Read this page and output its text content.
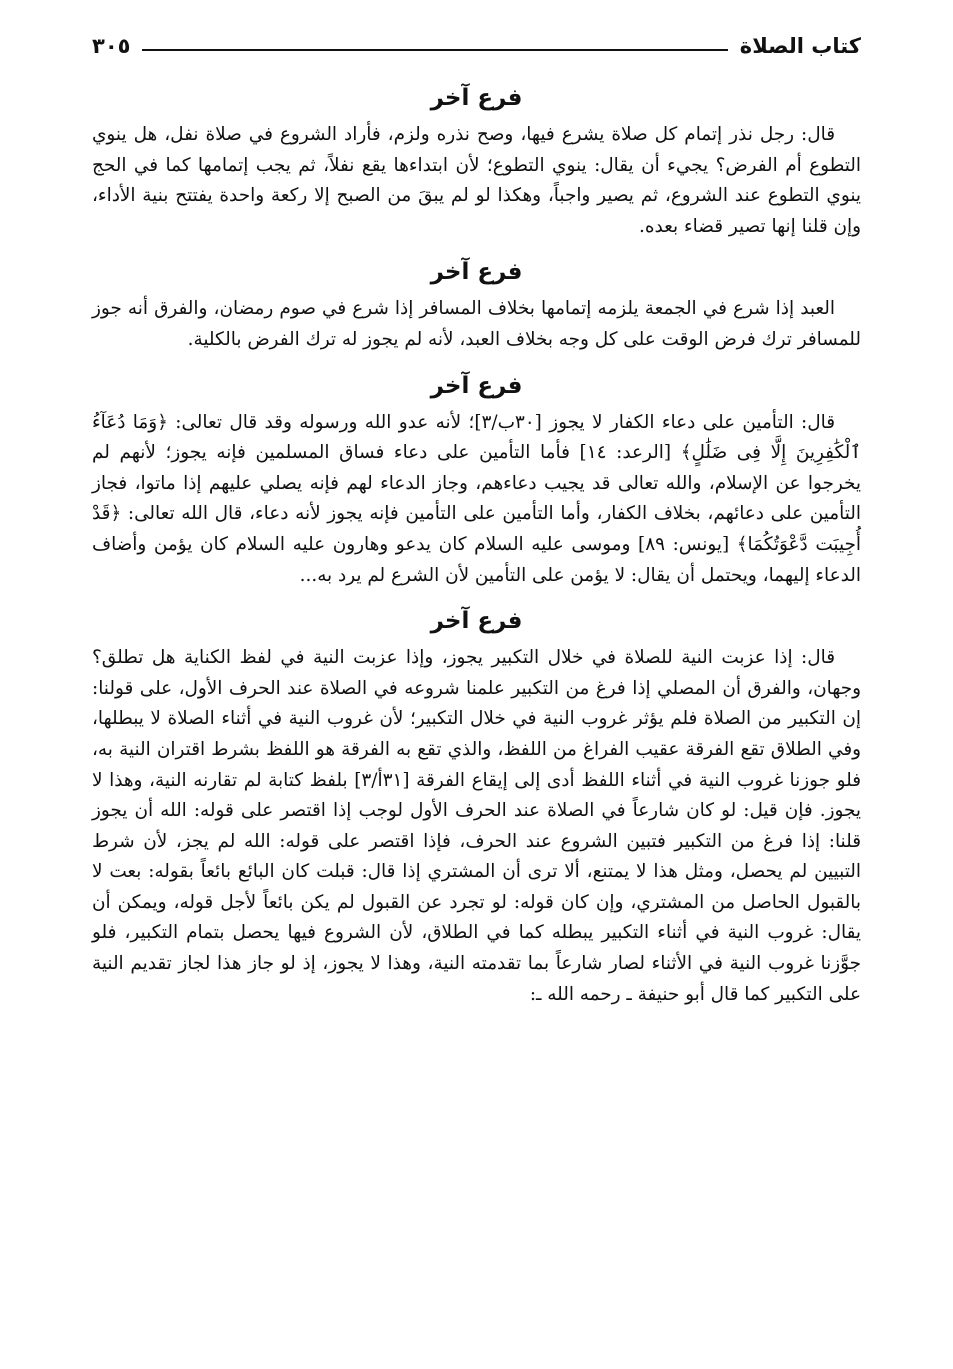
كتاب الصلاة
٣٠٥
فرع آخر

قال: رجل نذر إتمام كل صلاة يشرع فيها، وصح نذره ولزم، فأراد الشروع في صلاة نفل، هل ينوي التطوع أم الفرض؟ يجيء أن يقال: ينوي التطوع؛ لأن ابتداءها يقع نفلاً، ثم يجب إتمامها كما في الحج ينوي التطوع عند الشروع، ثم يصير واجباً، وهكذا لو لم يبقَ من الصبح إلا ركعة واحدة يفتتح بنية الأداء، وإن قلنا إنها تصير قضاء بعده.

فرع آخر

العبد إذا شرع في الجمعة يلزمه إتمامها بخلاف المسافر إذا شرع في صوم رمضان، والفرق أنه جوز للمسافر ترك فرض الوقت على كل وجه بخلاف العبد، لأنه لم يجوز له ترك الفرض بالكلية.

فرع آخر

قال: التأمين على دعاء الكفار لا يجوز [٣٠ب/٣]؛ لأنه عدو الله ورسوله وقد قال تعالى: ﴿وَمَا دُعَآءُ ٱلْكَٰفِرِينَ إِلَّا فِى ضَلَٰلٍ﴾ [الرعد: ١٤] فأما التأمين على دعاء فساق المسلمين فإنه يجوز؛ لأنهم لم يخرجوا عن الإسلام، والله تعالى قد يجيب دعاءهم، وجاز الدعاء لهم فإنه يصلي عليهم إذا ماتوا، فجاز التأمين على دعائهم، بخلاف الكفار، وأما التأمين على التأمين فإنه يجوز لأنه دعاء، قال الله تعالى: ﴿قَدْ أُجِيبَت دَّعْوَتُكُمَا﴾ [يونس: ٨٩] وموسى عليه السلام كان يدعو وهارون عليه السلام كان يؤمن وأضاف الدعاء إليهما، ويحتمل أن يقال: لا يؤمن على التأمين لأن الشرع لم يرد به...

فرع آخر

قال: إذا عزبت النية للصلاة في خلال التكبير يجوز، وإذا عزبت النية في لفظ الكناية هل تطلق؟ وجهان، والفرق أن المصلي إذا فرغ من التكبير علمنا شروعه في الصلاة عند الحرف الأول، على قولنا: إن التكبير من الصلاة فلم يؤثر غروب النية في خلال التكبير؛ لأن غروب النية في أثناء الصلاة لا يبطلها، وفي الطلاق تقع الفرقة عقيب الفراغ من اللفظ، والذي تقع به الفرقة هو اللفظ بشرط اقتران النية به، فلو جوزنا غروب النية في أثناء اللفظ أدى إلى إيقاع الفرقة [٣١أ/٣] بلفظ كتابة لم تقارنه النية، وهذا لا يجوز. فإن قيل: لو كان شارعاً في الصلاة عند الحرف الأول لوجب إذا اقتصر على قوله: الله أن يجوز قلنا: إذا فرغ من التكبير فتبين الشروع عند الحرف، فإذا اقتصر على قوله: الله لم يجز، لأن شرط التبيين لم يحصل، ومثل هذا لا يمتنع، ألا ترى أن المشتري إذا قال: قبلت كان البائع بائعاً بقوله: بعت لا بالقبول الحاصل من المشتري، وإن كان قوله: لو تجرد عن القبول لم يكن بائعاً لأجل قوله، ويمكن أن يقال: غروب النية في أثناء التكبير يبطله كما في الطلاق، لأن الشروع فيها يحصل بتمام التكبير، فلو جوَّزنا غروب النية في الأثناء لصار شارعاً بما تقدمته النية، وهذا لا يجوز، إذ لو جاز هذا لجاز تقديم النية على التكبير كما قال أبو حنيفة ـ رحمه الله ـ:
